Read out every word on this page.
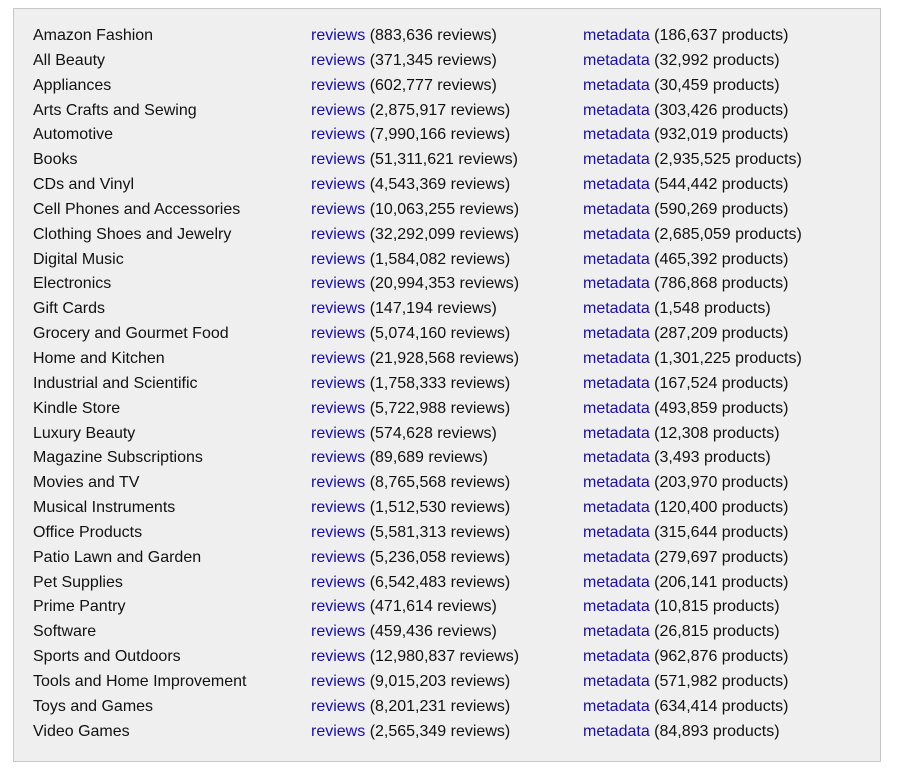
Amazon Fashion	reviews (883,636 reviews)	metadata (186,637 products)
All Beauty	reviews (371,345 reviews)	metadata (32,992 products)
Appliances	reviews (602,777 reviews)	metadata (30,459 products)
Arts Crafts and Sewing	reviews (2,875,917 reviews)	metadata (303,426 products)
Automotive	reviews (7,990,166 reviews)	metadata (932,019 products)
Books	reviews (51,311,621 reviews)	metadata (2,935,525 products)
CDs and Vinyl	reviews (4,543,369 reviews)	metadata (544,442 products)
Cell Phones and Accessories	reviews (10,063,255 reviews)	metadata (590,269 products)
Clothing Shoes and Jewelry	reviews (32,292,099 reviews)	metadata (2,685,059 products)
Digital Music	reviews (1,584,082 reviews)	metadata (465,392 products)
Electronics	reviews (20,994,353 reviews)	metadata (786,868 products)
Gift Cards	reviews (147,194 reviews)	metadata (1,548 products)
Grocery and Gourmet Food	reviews (5,074,160 reviews)	metadata (287,209 products)
Home and Kitchen	reviews (21,928,568 reviews)	metadata (1,301,225 products)
Industrial and Scientific	reviews (1,758,333 reviews)	metadata (167,524 products)
Kindle Store	reviews (5,722,988 reviews)	metadata (493,859 products)
Luxury Beauty	reviews (574,628 reviews)	metadata (12,308 products)
Magazine Subscriptions	reviews (89,689 reviews)	metadata (3,493 products)
Movies and TV	reviews (8,765,568 reviews)	metadata (203,970 products)
Musical Instruments	reviews (1,512,530 reviews)	metadata (120,400 products)
Office Products	reviews (5,581,313 reviews)	metadata (315,644 products)
Patio Lawn and Garden	reviews (5,236,058 reviews)	metadata (279,697 products)
Pet Supplies	reviews (6,542,483 reviews)	metadata (206,141 products)
Prime Pantry	reviews (471,614 reviews)	metadata (10,815 products)
Software	reviews (459,436 reviews)	metadata (26,815 products)
Sports and Outdoors	reviews (12,980,837 reviews)	metadata (962,876 products)
Tools and Home Improvement	reviews (9,015,203 reviews)	metadata (571,982 products)
Toys and Games	reviews (8,201,231 reviews)	metadata (634,414 products)
Video Games	reviews (2,565,349 reviews)	metadata (84,893 products)
